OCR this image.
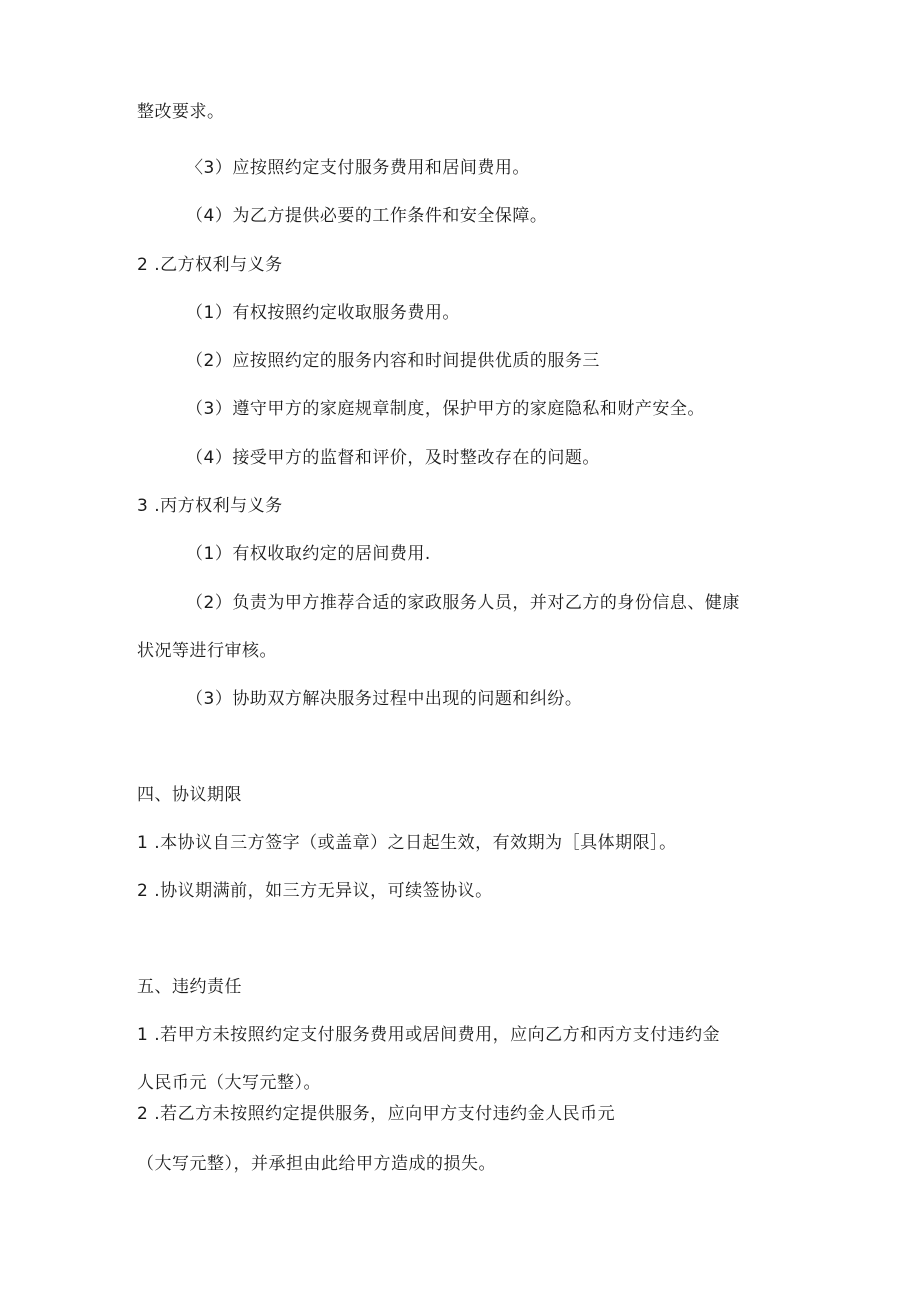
整改要求。
〈3）应按照约定支付服务费用和居间费用。
（4）为乙方提供必要的工作条件和安全保障。
2 .乙方权利与义务
（1）有权按照约定收取服务费用。
（2）应按照约定的服务内容和时间提供优质的服务三
（3）遵守甲方的家庭规章制度，保护甲方的家庭隐私和财产安全。
（4）接受甲方的监督和评价，及时整改存在的问题。
3 .丙方权利与义务
（1）有权收取约定的居间费用.
（2）负责为甲方推荐合适的家政服务人员，并对乙方的身份信息、健康
状况等进行审核。
（3）协助双方解决服务过程中出现的问题和纠纷。
四、协议期限
1 .本协议自三方签字（或盖章）之日起生效，有效期为［具体期限］。
2 .协议期满前，如三方无异议，可续签协议。
五、违约责任
1 .若甲方未按照约定支付服务费用或居间费用，应向乙方和丙方支付违约金
人民币元（大写元整）。
2 .若乙方未按照约定提供服务，应向甲方支付违约金人民币元
（大写元整），并承担由此给甲方造成的损失。
